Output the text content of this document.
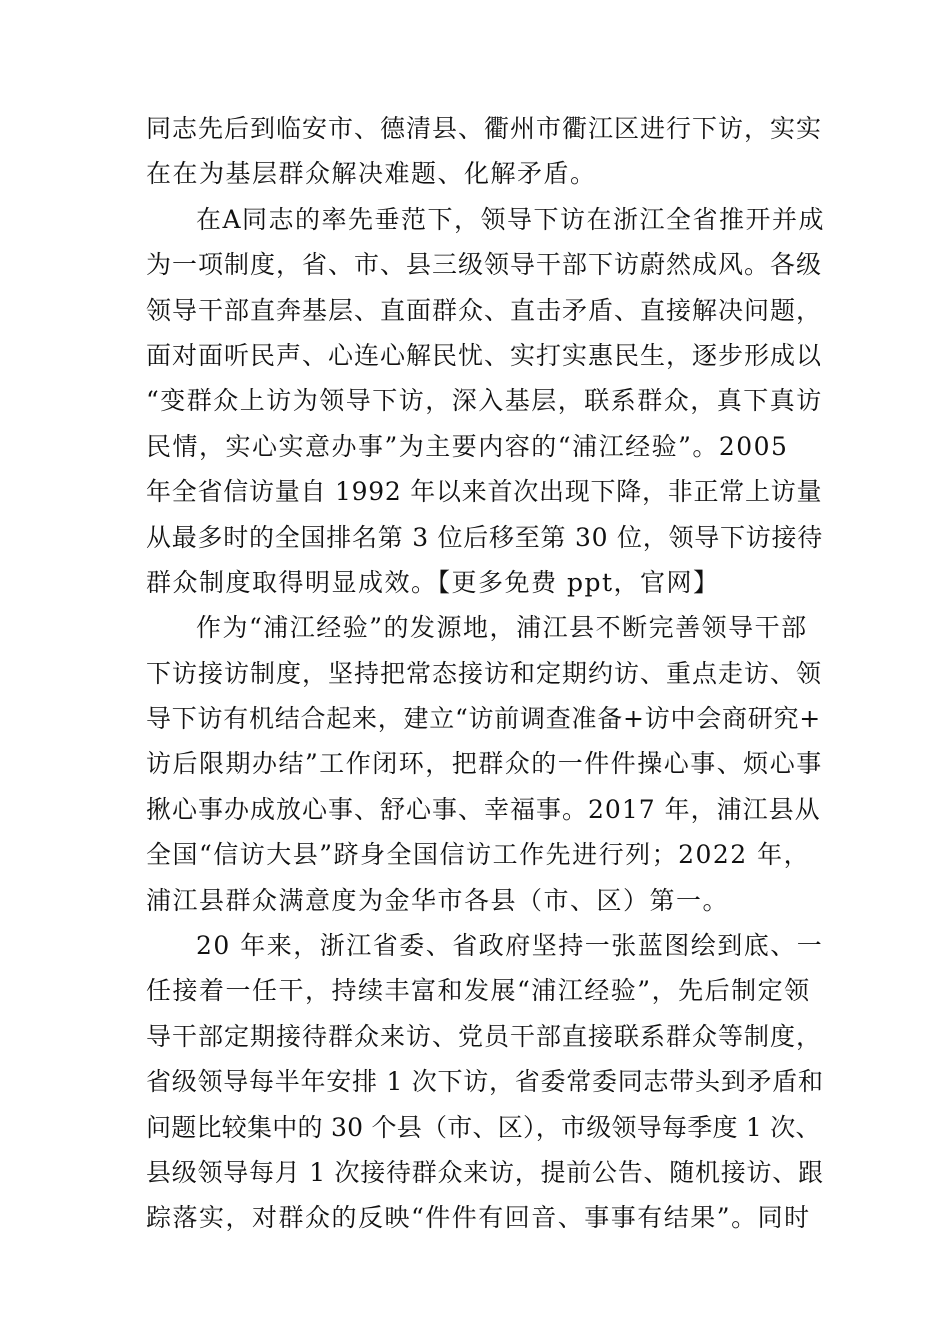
同志先后到临安市、德清县、衢州市衢江区进行下访，实实
在在为基层群众解决难题、化解矛盾。
在A同志的率先垂范下，领导下访在浙江全省推开并成
为一项制度，省、市、县三级领导干部下访蔚然成风。各级
领导干部直奔基层、直面群众、直击矛盾、直接解决问题，
面对面听民声、心连心解民忧、实打实惠民生，逐步形成以
“变群众上访为领导下访，深入基层，联系群众，真下真访
民情，实心实意办事”为主要内容的“浦江经验”。2005
年全省信访量自 1992 年以来首次出现下降，非正常上访量
从最多时的全国排名第 3 位后移至第 30 位，领导下访接待
群众制度取得明显成效。【更多免费 ppt，官网】
作为“浦江经验”的发源地，浦江县不断完善领导干部
下访接访制度，坚持把常态接访和定期约访、重点走访、领
导下访有机结合起来，建立“访前调查准备+访中会商研究+
访后限期办结”工作闭环，把群众的一件件操心事、烦心事
揪心事办成放心事、舒心事、幸福事。2017 年，浦江县从
全国“信访大县”跻身全国信访工作先进行列；2022 年，
浦江县群众满意度为金华市各县（市、区）第一。
20 年来，浙江省委、省政府坚持一张蓝图绘到底、一
任接着一任干，持续丰富和发展“浦江经验”，先后制定领
导干部定期接待群众来访、党员干部直接联系群众等制度，
省级领导每半年安排 1 次下访，省委常委同志带头到矛盾和
问题比较集中的 30 个县（市、区），市级领导每季度 1 次、
县级领导每月 1 次接待群众来访，提前公告、随机接访、跟
踪落实，对群众的反映“件件有回音、事事有结果”。同时
